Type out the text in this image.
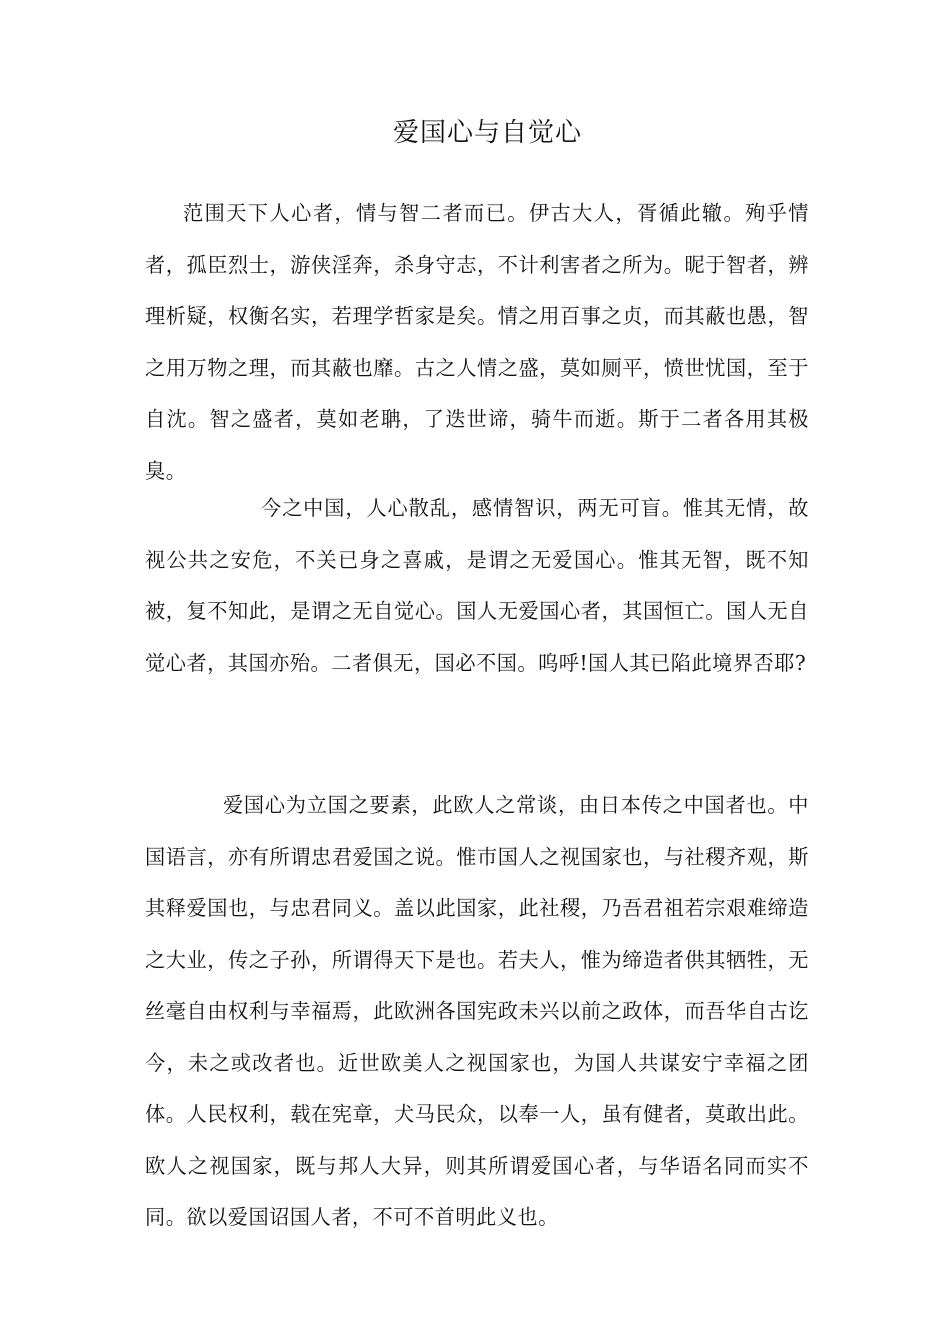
爱国心与自觉心
范围天下人心者，情与智二者而已。伊古大人，胥循此辙。殉乎情者，孤臣烈士，游侠淫奔，杀身守志，不计利害者之所为。昵于智者，辨理析疑，权衡名实，若理学哲家是矣。情之用百事之贞，而其蔽也愚，智之用万物之理，而其蔽也靡。古之人情之盛，莫如厕平，愤世忧国，至于自沈。智之盛者，莫如老聃，了迭世谛，骑牛而逝。斯于二者各用其极臭。
今之中国，人心散乱，感情智识，两无可盲。惟其无情，故视公共之安危，不关已身之喜戚，是谓之无爱国心。惟其无智，既不知被，复不知此，是谓之无自觉心。国人无爱国心者，其国恒亡。国人无自觉心者，其国亦殆。二者俱无，国必不国。呜呼!国人其已陷此境界否耶?
爱国心为立国之要素，此欧人之常谈，由日本传之中国者也。中国语言，亦有所谓忠君爱国之说。惟巿国人之视国家也，与社稷齐观，斯其释爱国也，与忠君同义。盖以此国家，此社稷，乃吾君祖若宗艰难缔造之大业，传之子孙，所谓得天下是也。若夫人，惟为缔造者供其牺牲，无丝毫自由权利与幸福焉，此欧洲各国宪政未兴以前之政体，而吾华自古讫今，未之或改者也。近世欧美人之视国家也，为国人共谋安宁幸福之团体。人民权利，载在宪章，犬马民众，以奉一人，虽有健者，莫敢出此。欧人之视国家，既与邦人大异，则其所谓爱国心者，与华语名同而实不同。欲以爱国诏国人者，不可不首明此义也。
